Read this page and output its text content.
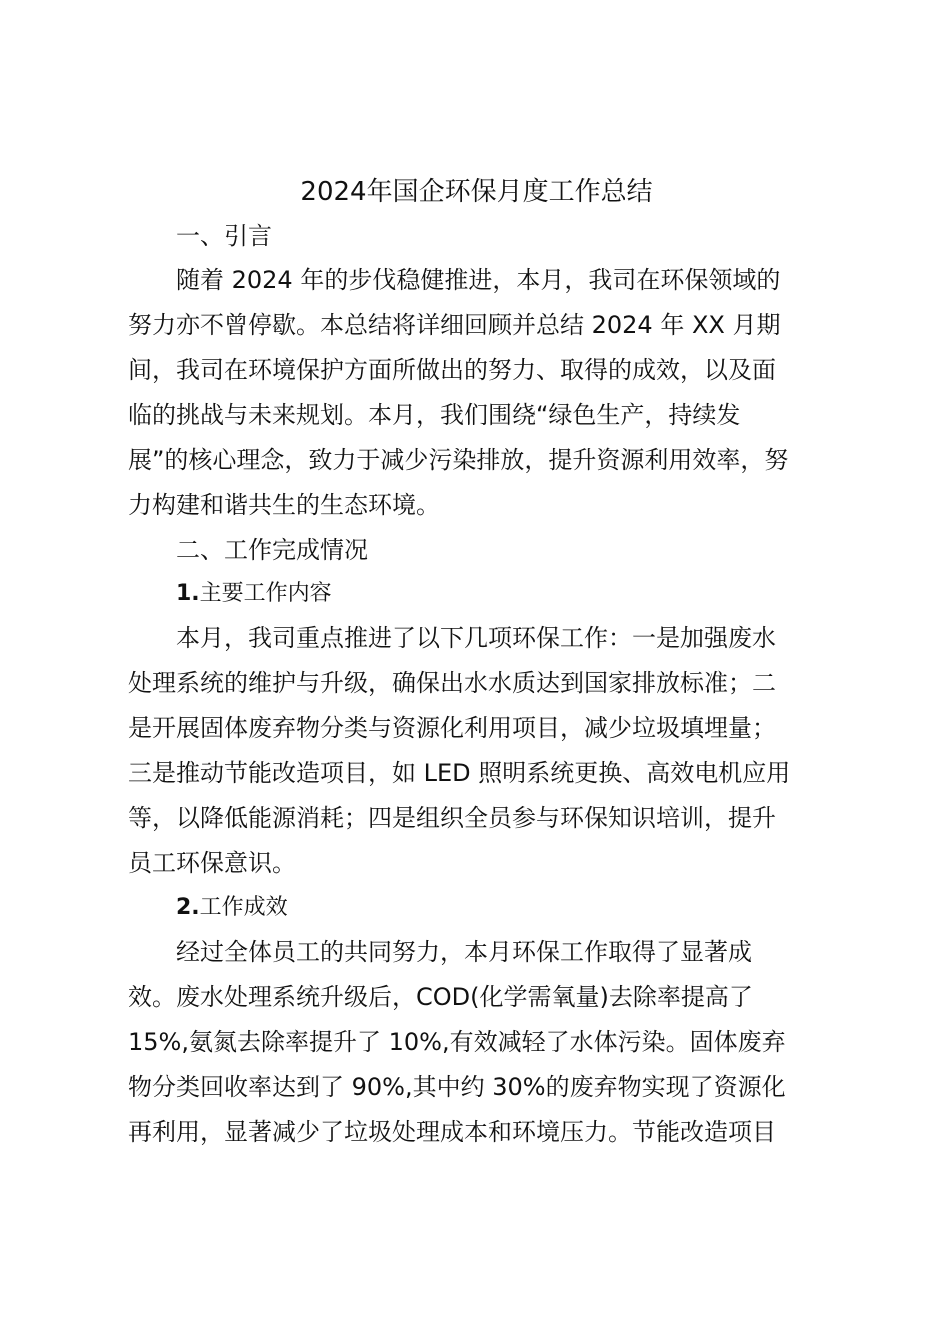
2024年国企环保月度工作总结
一、引言
随着 2024 年的步伐稳健推进，本月，我司在环保领域的
努力亦不曾停歇。本总结将详细回顾并总结 2024 年 XX 月期
间，我司在环境保护方面所做出的努力、取得的成效，以及面
临的挑战与未来规划。本月，我们围绕“绿色生产，持续发
展”的核心理念，致力于减少污染排放，提升资源利用效率，努
力构建和谐共生的生态环境。
二、工作完成情况
1.主要工作内容
本月，我司重点推进了以下几项环保工作：一是加强废水
处理系统的维护与升级，确保出水水质达到国家排放标准；二
是开展固体废弃物分类与资源化利用项目，减少垃圾填埋量；
三是推动节能改造项目，如 LED 照明系统更换、高效电机应用
等，以降低能源消耗；四是组织全员参与环保知识培训，提升
员工环保意识。
2.工作成效
经过全体员工的共同努力，本月环保工作取得了显著成
效。废水处理系统升级后，COD(化学需氧量)去除率提高了
15%,氨氮去除率提升了 10%,有效减轻了水体污染。固体废弃
物分类回收率达到了 90%,其中约 30%的废弃物实现了资源化
再利用，显著减少了垃圾处理成本和环境压力。节能改造项目
